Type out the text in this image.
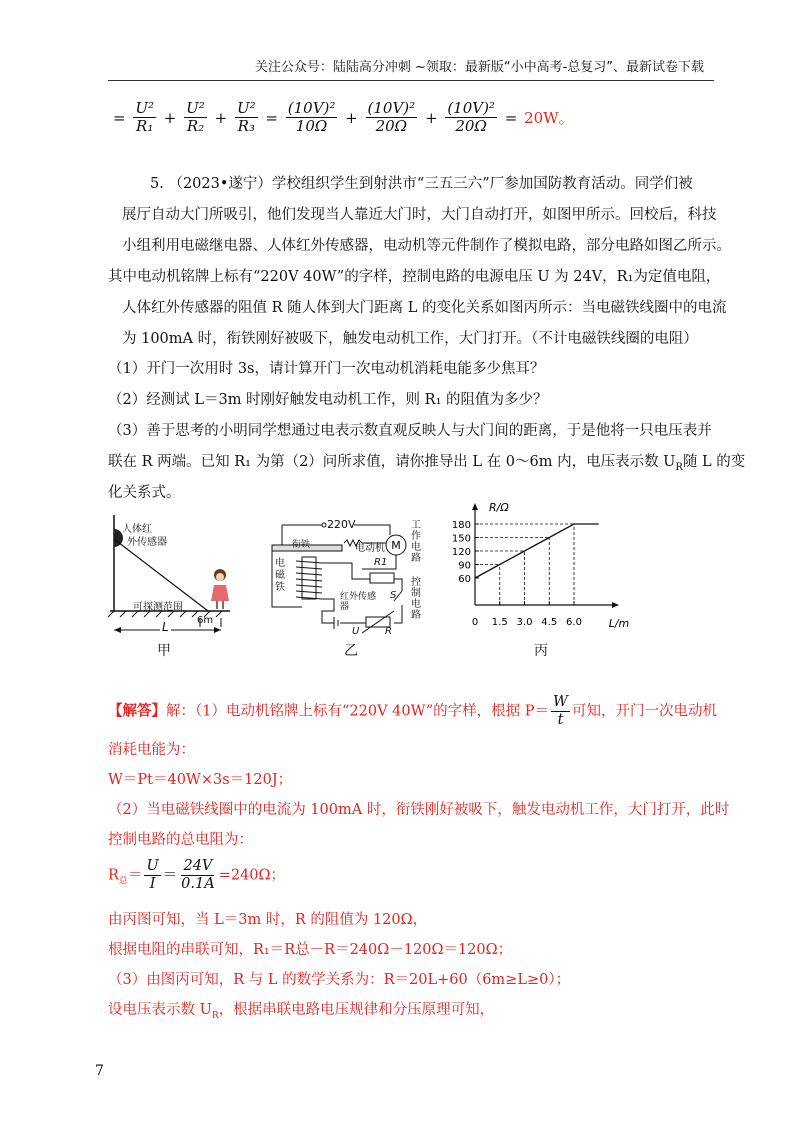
关注公众号：陆陆高分冲刺 ~领取：最新版“小中高考-总复习”、最新试卷下载
= $\frac{\text{U²}}{\text{R₁}} + \frac{\text{U²}}{\text{R₂}} + \frac{\text{U²}}{\text{R₃}} = \frac{\text{(10V)²}}{10\Omega} + \frac{\text{(10V)²}}{20\Omega} + \frac{\text{(10V)²}}{20\Omega} = 20W$。
5. （2023•遂宁）学校组织学生到射洪市“三五三六”厂参加国防教育活动。同学们被
展厅自动大门所吸引，他们发现当人靠近大门时，大门自动打开，如图甲所示。回校后，科技
小组利用电磁继电器、人体红外传感器，电动机等元件制作了模拟电路，部分电路如图乙所示。
其中电动机铭牌上标有“220V 40W”的字样，控制电路的电源电压 U 为 24V，R₁为定值电阻，
人体红外传感器的阻值 R 随人体到大门距离 L 的变化关系如图丙所示：当电磁铁线圈中的电流
为 100mA 时，衔铁刚好被吸下，触发电动机工作，大门打开。（不计电磁铁线圈的电阻）
（1）开门一次用时 3s，请计算开门一次电动机消耗电能多少焦耳？
（2）经测试 L＝3m 时刚好触发电动机工作，则 R₁ 的阻值为多少？
（3）善于思考的小明同学想通过电表示数直观反映人与大门间的距离，于是他将一只电压表并
联在 R 两端。已知 R₁ 为第（2）问所求值，请你推导出 L 在 0～6m 内，电压表示数 $U_R$随 L 的变
化关系式。
人体红
外传感器
可探测范围
6m
L
甲
M
220V
衔铁	电动机
工作电路
电磁铁
R1
S
控制电路
红外传感器
U	R
乙
60
90
120
150
180
0 1.5 3.0 4.5 6.0 L/m
R/Ω
丙
【解答】解：（1）电动机铭牌上标有“220V 40W”的字样，根据 $P= \frac{W}{t}$ 可知，开门一次电动机
消耗电能为：
W＝Pt＝40W×3s＝120J；
（2）当电磁铁线圈中的电流为 100mA 时，衔铁刚好被吸下，触发电动机工作，大门打开，此时
控制电路的总电阻为：
$R_总= \frac{U}{I} = \frac{24V}{0.1A} =240\Omega$；
由丙图可知，当 L＝3m 时，R 的阻值为 120Ω，
根据电阻的串联可知，R₁＝R总－R＝240Ω－120Ω＝120Ω；
（3）由图丙可知，R 与 L 的数学关系为：R＝20L+60（6m≥L≥0）；
设电压表示数 $U_R$，根据串联电路电压规律和分压原理可知，
7
